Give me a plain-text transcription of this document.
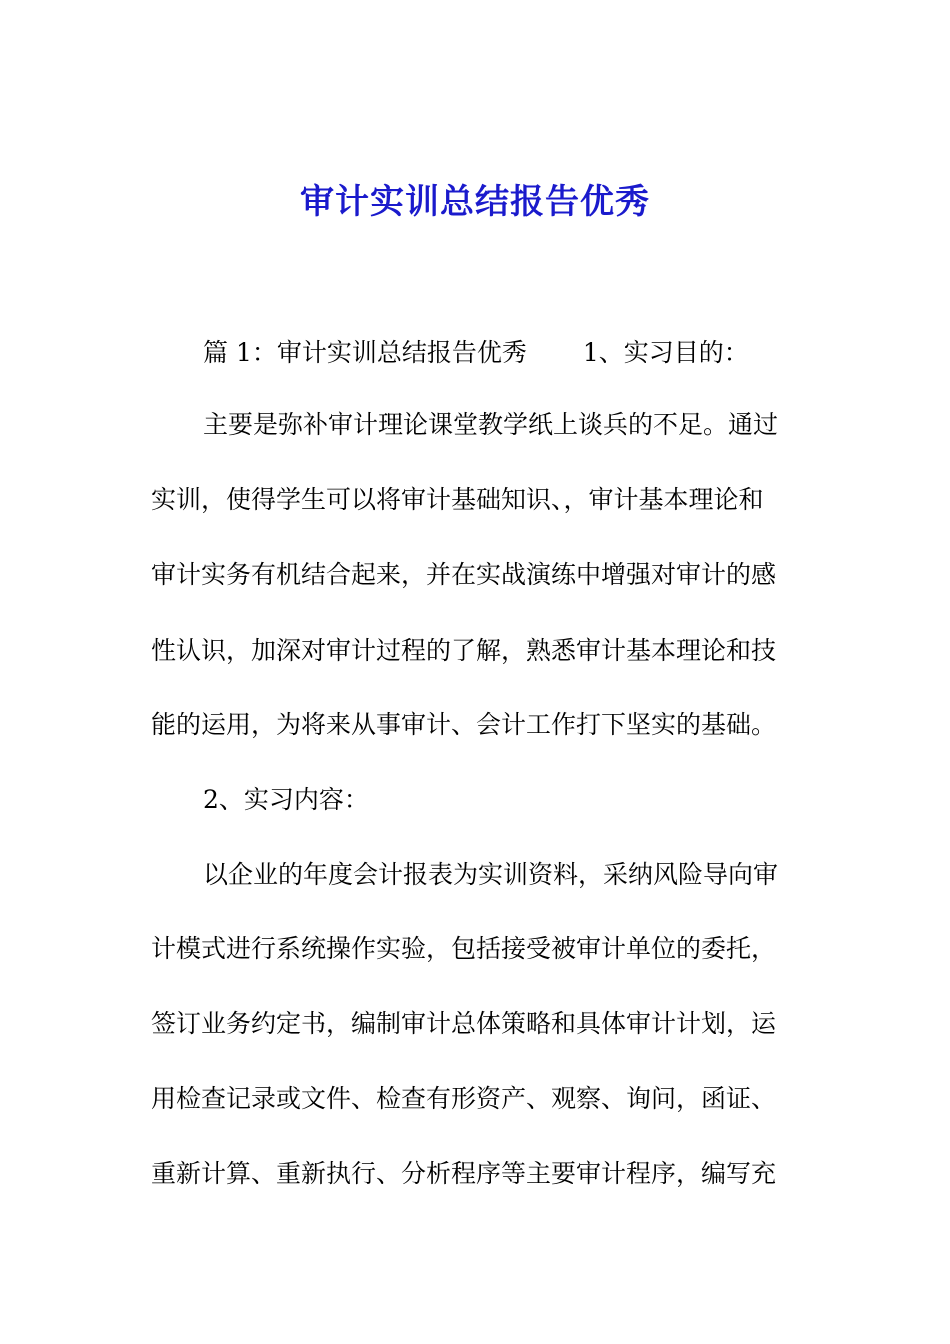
审计实训总结报告优秀
篇 1：审计实训总结报告优秀 1、实习目的：
主要是弥补审计理论课堂教学纸上谈兵的不足。通过
实训，使得学生可以将审计基础知识、，审计基本理论和
审计实务有机结合起来，并在实战演练中增强对审计的感
性认识，加深对审计过程的了解，熟悉审计基本理论和技
能的运用，为将来从事审计、会计工作打下坚实的基础。
2、实习内容：
以企业的年度会计报表为实训资料，采纳风险导向审
计模式进行系统操作实验，包括接受被审计单位的委托，
签订业务约定书，编制审计总体策略和具体审计计划，运
用检查记录或文件、检查有形资产、观察、询问，函证、
重新计算、重新执行、分析程序等主要审计程序，编写充
